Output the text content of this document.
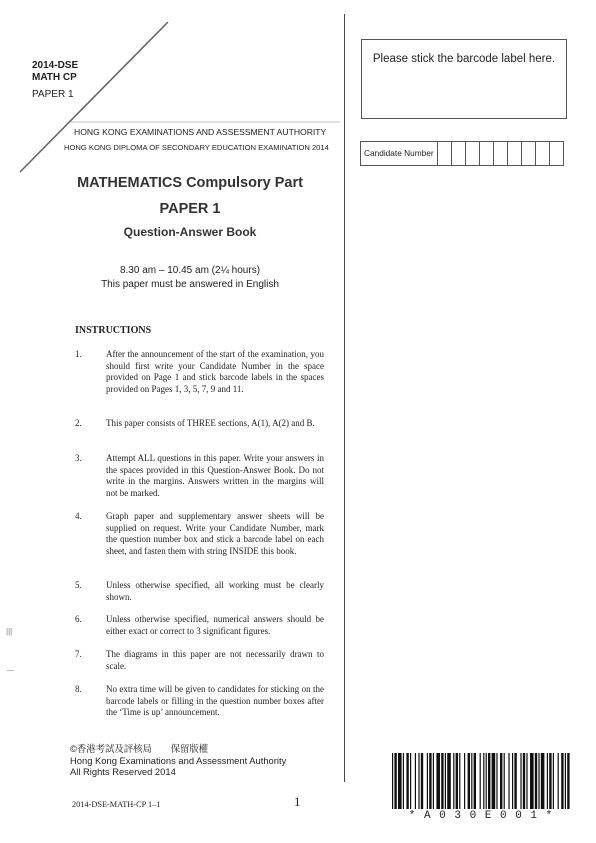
2014-DSE
MATH CP
PAPER 1
HONG KONG EXAMINATIONS AND ASSESSMENT AUTHORITY
HONG KONG DIPLOMA OF SECONDARY EDUCATION EXAMINATION 2014
MATHEMATICS Compulsory Part
PAPER 1
Question-Answer Book
8.30 am – 10.45 am (2¼ hours)
This paper must be answered in English
INSTRUCTIONS
1.	After the announcement of the start of the examination, you should first write your Candidate Number in the space provided on Page 1 and stick barcode labels in the spaces provided on Pages 1, 3, 5, 7, 9 and 11.
2.	This paper consists of THREE sections, A(1), A(2) and B.
3.	Attempt ALL questions in this paper. Write your answers in the spaces provided in this Question-Answer Book. Do not write in the margins. Answers written in the margins will not be marked.
4.	Graph paper and supplementary answer sheets will be supplied on request. Write your Candidate Number, mark the question number box and stick a barcode label on each sheet, and fasten them with string INSIDE this book.
5.	Unless otherwise specified, all working must be clearly shown.
6.	Unless otherwise specified, numerical answers should be either exact or correct to 3 significant figures.
7.	The diagrams in this paper are not necessarily drawn to scale.
8.	No extra time will be given to candidates for sticking on the barcode labels or filling in the question number boxes after the ‘Time is up’ announcement.
Please stick the barcode label here.
Candidate Number
|||
©香港考試及評核局　　保留版權
Hong Kong Examinations and Assessment Authority
All Rights Reserved 2014
2014-DSE-MATH-CP 1–1	1
* A 0 3 0 E 0 0 1 *
